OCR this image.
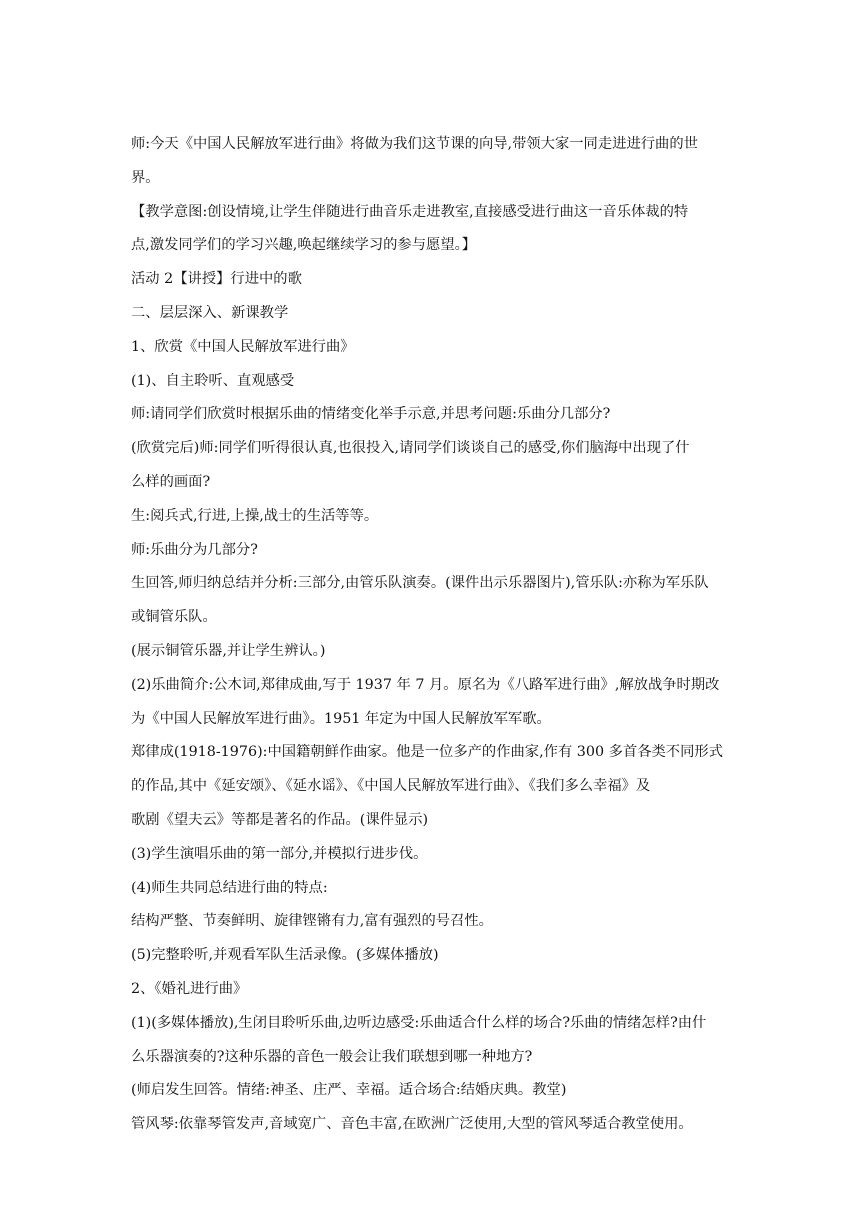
师:今天《中国人民解放军进行曲》将做为我们这节课的向导,带领大家一同走进进行曲的世

界。

【教学意图:创设情境,让学生伴随进行曲音乐走进教室,直接感受进行曲这一音乐体裁的特

点,激发同学们的学习兴趣,唤起继续学习的参与愿望。】

活动 2【讲授】行进中的歌

二、层层深入、新课教学

1、欣赏《中国人民解放军进行曲》

(1)、自主聆听、直观感受

师:请同学们欣赏时根据乐曲的情绪变化举手示意,并思考问题:乐曲分几部分?

(欣赏完后)师:同学们听得很认真,也很投入,请同学们谈谈自己的感受,你们脑海中出现了什

么样的画面?

生:阅兵式,行进,上操,战士的生活等等。

师:乐曲分为几部分?

生回答,师归纳总结并分析:三部分,由管乐队演奏。(课件出示乐器图片),管乐队:亦称为军乐队

或铜管乐队。

(展示铜管乐器,并让学生辨认。)

(2)乐曲简介:公木词,郑律成曲,写于 1937 年 7 月。原名为《八路军进行曲》,解放战争时期改

为《中国人民解放军进行曲》。1951 年定为中国人民解放军军歌。

郑律成(1918-1976):中国籍朝鲜作曲家。他是一位多产的作曲家,作有 300 多首各类不同形式

的作品,其中《延安颂》、《延水谣》、《中国人民解放军进行曲》、《我们多么幸福》及

歌剧《望夫云》等都是著名的作品。(课件显示)

(3)学生演唱乐曲的第一部分,并模拟行进步伐。

(4)师生共同总结进行曲的特点:

结构严整、节奏鲜明、旋律铿锵有力,富有强烈的号召性。

(5)完整聆听,并观看军队生活录像。(多媒体播放)

2、《婚礼进行曲》

(1)(多媒体播放),生闭目聆听乐曲,边听边感受:乐曲适合什么样的场合?乐曲的情绪怎样?由什

么乐器演奏的?这种乐器的音色一般会让我们联想到哪一种地方?

(师启发生回答。情绪:神圣、庄严、幸福。适合场合:结婚庆典。教堂)

管风琴:依靠琴管发声,音域宽广、音色丰富,在欧洲广泛使用,大型的管风琴适合教堂使用。
